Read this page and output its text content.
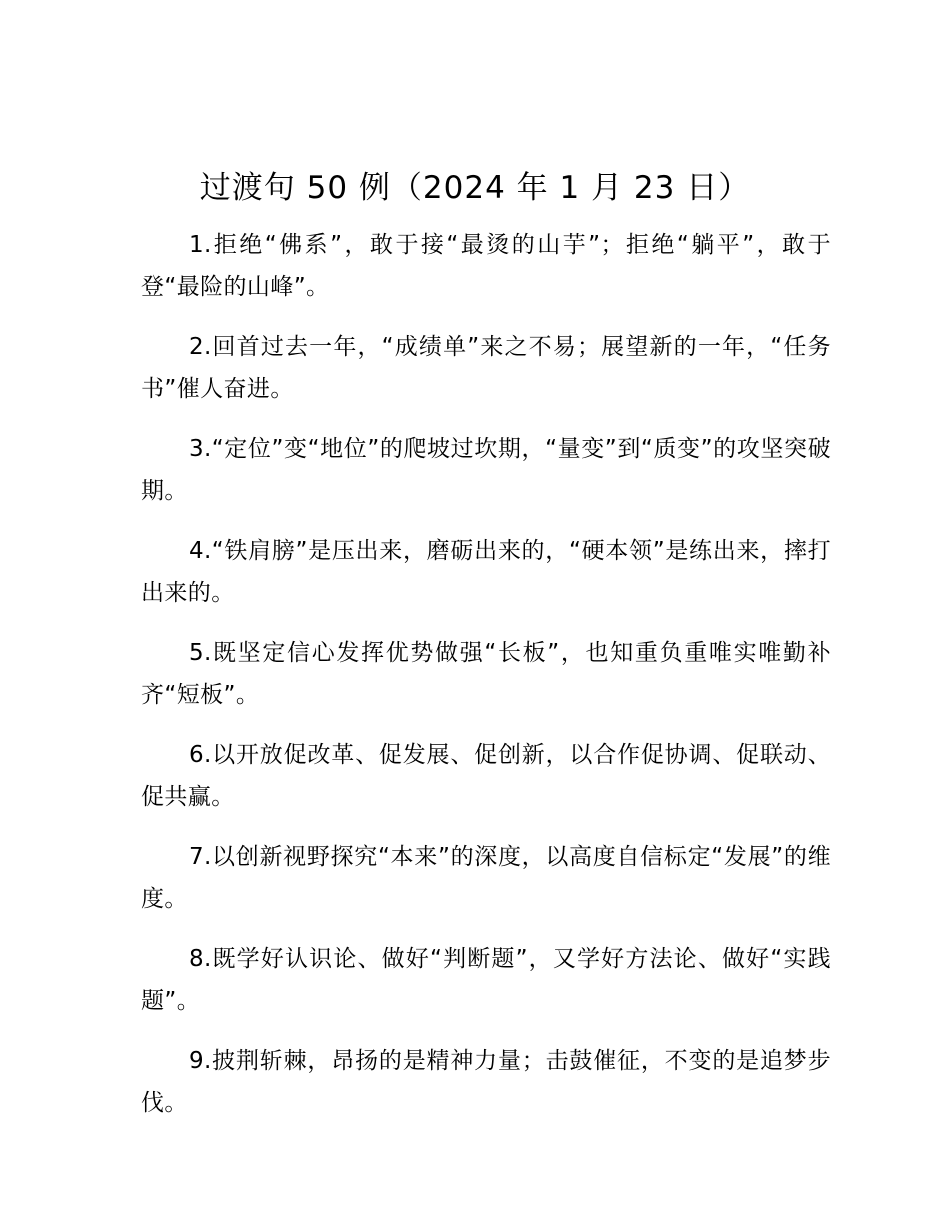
过渡句 50 例（2024 年 1 月 23 日）

1.拒绝“佛系”，敢于接“最烫的山芋”；拒绝“躺平”，敢于登“最险的山峰”。

2.回首过去一年，“成绩单”来之不易；展望新的一年，“任务书”催人奋进。

3.“定位”变“地位”的爬坡过坎期，“量变”到“质变”的攻坚突破期。

4.“铁肩膀”是压出来，磨砺出来的，“硬本领”是练出来，摔打出来的。

5.既坚定信心发挥优势做强“长板”，也知重负重唯实唯勤补齐“短板”。

6.以开放促改革、促发展、促创新，以合作促协调、促联动、促共赢。

7.以创新视野探究“本来”的深度，以高度自信标定“发展”的维度。

8.既学好认识论、做好“判断题”，又学好方法论、做好“实践题”。

9.披荆斩棘，昂扬的是精神力量；击鼓催征，不变的是追梦步伐。
